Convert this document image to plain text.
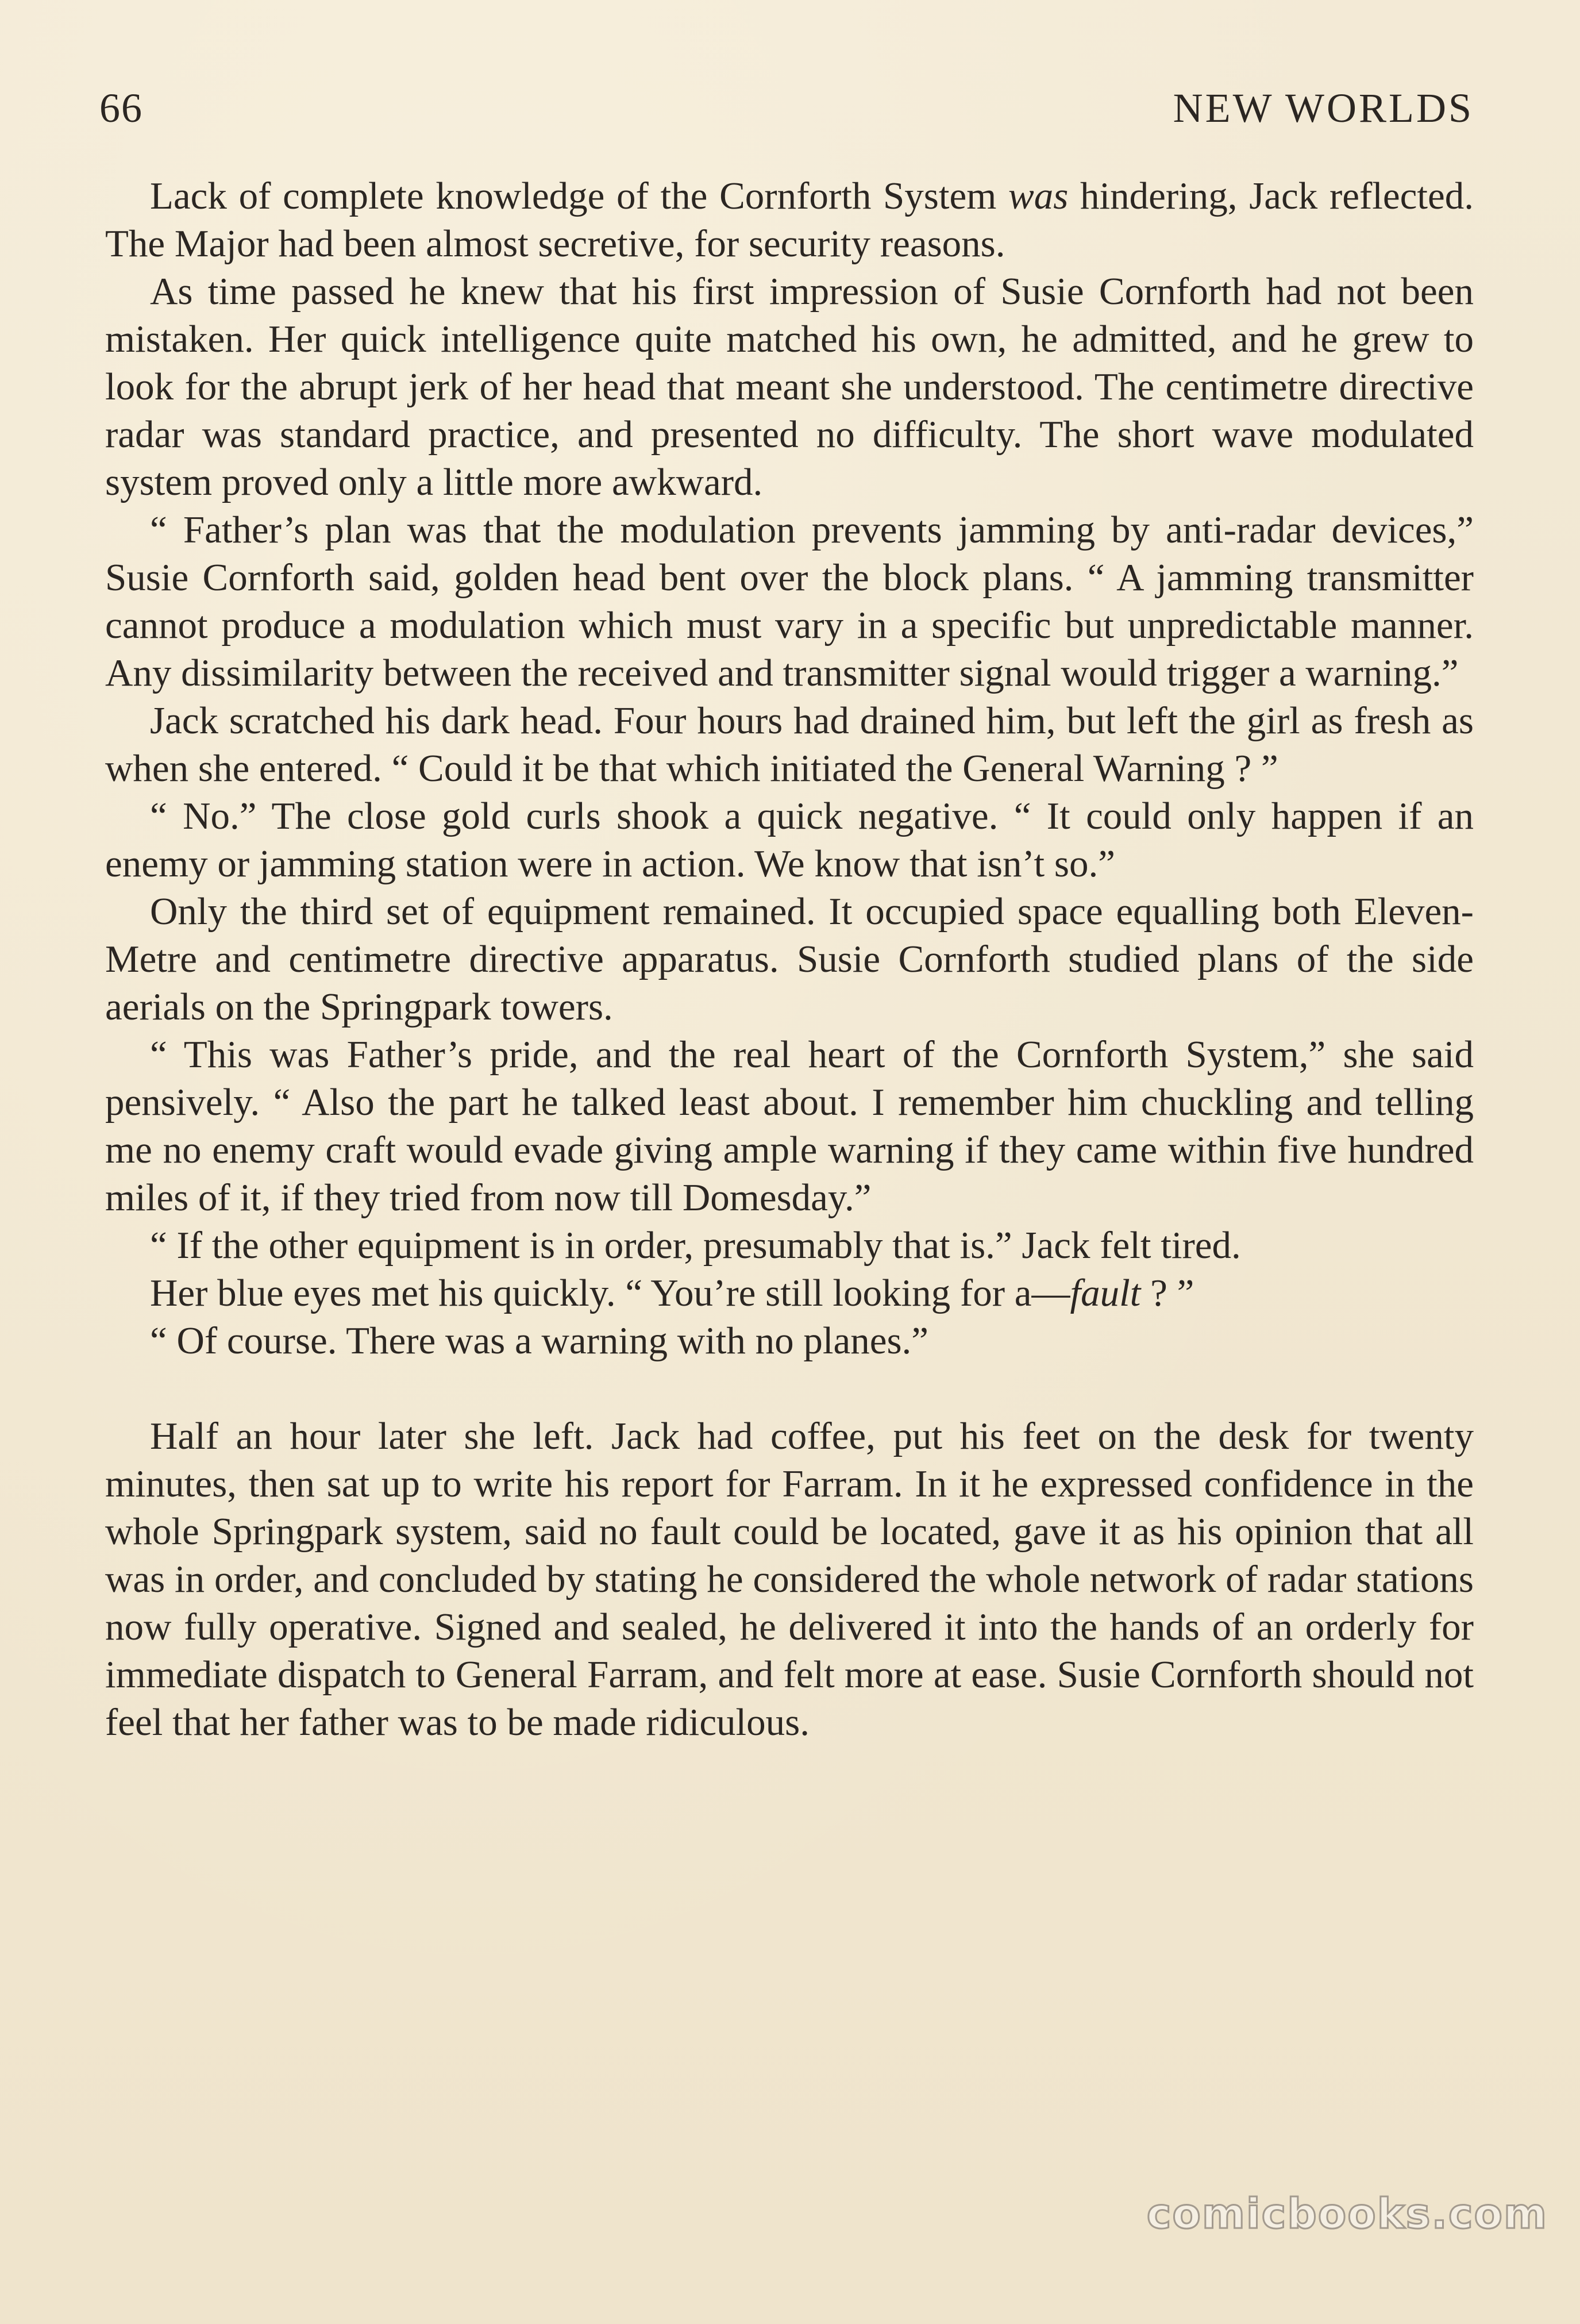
66	NEW WORLDS

Lack of complete knowledge of the Cornforth System was hindering, Jack reflected. The Major had been almost secretive, for security reasons.

As time passed he knew that his first impression of Susie Cornforth had not been mistaken. Her quick intelligence quite matched his own, he admitted, and he grew to look for the abrupt jerk of her head that meant she understood. The centimetre directive radar was standard practice, and presented no difficulty. The short wave modulated system proved only a little more awkward.

“ Father’s plan was that the modulation prevents jamming by anti-radar devices,” Susie Cornforth said, golden head bent over the block plans. “ A jamming transmitter cannot produce a modulation which must vary in a specific but unpredictable manner. Any dissimilarity between the received and transmitter signal would trigger a warning.”

Jack scratched his dark head. Four hours had drained him, but left the girl as fresh as when she entered. “ Could it be that which initiated the General Warning ? ”

“ No.” The close gold curls shook a quick negative. “ It could only happen if an enemy or jamming station were in action. We know that isn’t so.”

Only the third set of equipment remained. It occupied space equalling both Eleven-Metre and centimetre directive apparatus. Susie Cornforth studied plans of the side aerials on the Springpark towers.

“ This was Father’s pride, and the real heart of the Cornforth System,” she said pensively. “ Also the part he talked least about. I remember him chuckling and telling me no enemy craft would evade giving ample warning if they came within five hundred miles of it, if they tried from now till Domesday.”

“ If the other equipment is in order, presumably that is.” Jack felt tired.

Her blue eyes met his quickly. “ You’re still looking for a—fault ? ”

“ Of course. There was a warning with no planes.”

Half an hour later she left. Jack had coffee, put his feet on the desk for twenty minutes, then sat up to write his report for Farram. In it he expressed confidence in the whole Springpark system, said no fault could be located, gave it as his opinion that all was in order, and concluded by stating he considered the whole network of radar stations now fully operative. Signed and sealed, he delivered it into the hands of an orderly for immediate dispatch to General Farram, and felt more at ease. Susie Cornforth should not feel that her father was to be made ridiculous.

comicbooks.com
